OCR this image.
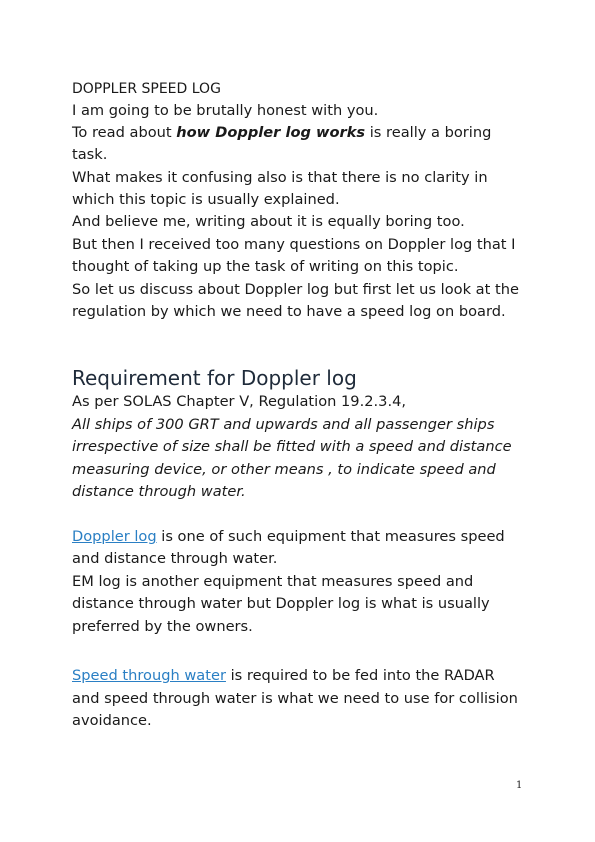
DOPPLER SPEED LOG

I am going to be brutally honest with you.

To read about how Doppler log works is really a boring

task.

What makes it confusing also is that there is no clarity in

which this topic is usually explained.

And believe me, writing about it is equally boring too.

But then I received too many questions on Doppler log that I

thought of taking up the task of writing on this topic.

So let us discuss about Doppler log but first let us look at the

regulation by which we need to have a speed log on board.

Requirement for Doppler log

As per SOLAS Chapter V, Regulation 19.2.3.4,

All ships of 300 GRT and upwards and all passenger ships

irrespective of size shall be fitted with a speed and distance

measuring device, or other means , to indicate speed and

distance through water.

Doppler log is one of such equipment that measures speed

and distance through water.

EM log is another equipment that measures speed and

distance through water but Doppler log is what is usually

preferred by the owners.

Speed through water is required to be fed into the RADAR

and speed through water is what we need to use for collision

avoidance.

1
